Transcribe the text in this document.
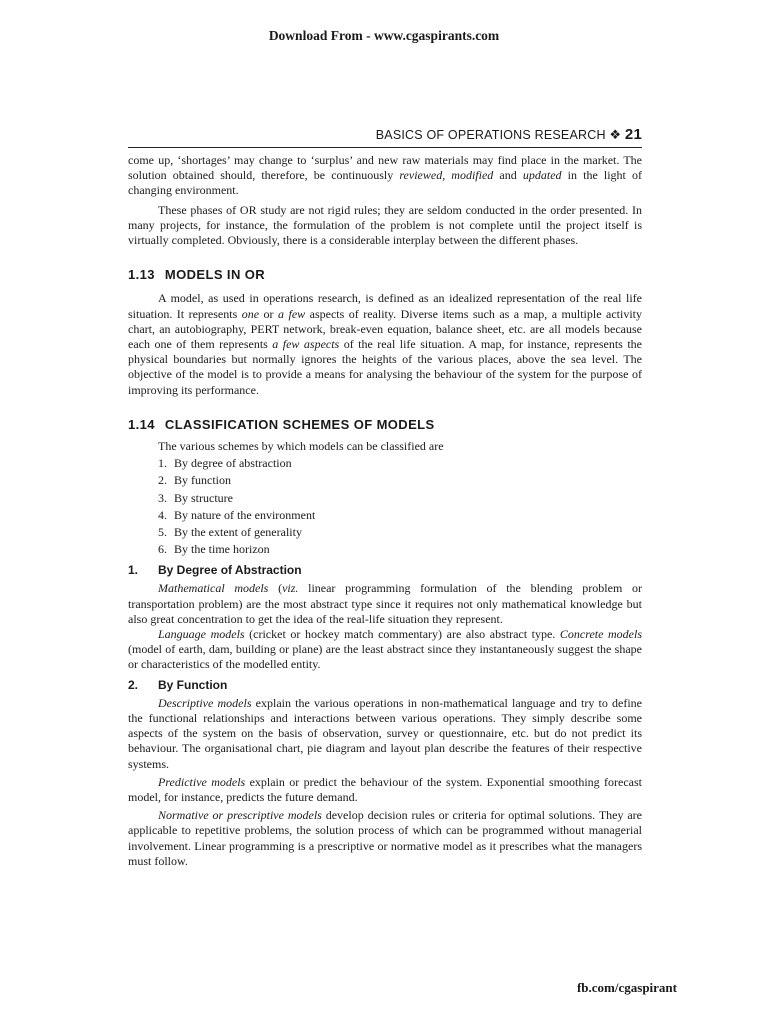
Download From - www.cgaspirants.com
BASICS OF OPERATIONS RESEARCH ❖ 21

come up, ‘shortages’ may change to ‘surplus’ and new raw materials may find place in the market. The solution obtained should, therefore, be continuously reviewed, modified and updated in the light of changing environment.

These phases of OR study are not rigid rules; they are seldom conducted in the order presented. In many projects, for instance, the formulation of the problem is not complete until the project itself is virtually completed. Obviously, there is a considerable interplay between the different phases.

1.13 MODELS IN OR

A model, as used in operations research, is defined as an idealized representation of the real life situation. It represents one or a few aspects of reality. Diverse items such as a map, a multiple activity chart, an autobiography, PERT network, break-even equation, balance sheet, etc. are all models because each one of them represents a few aspects of the real life situation. A map, for instance, represents the physical boundaries but normally ignores the heights of the various places, above the sea level. The objective of the model is to provide a means for analysing the behaviour of the system for the purpose of improving its performance.

1.14 CLASSIFICATION SCHEMES OF MODELS

The various schemes by which models can be classified are

1. By degree of abstraction
2. By function
3. By structure
4. By nature of the environment
5. By the extent of generality
6. By the time horizon
1. By Degree of Abstraction

Mathematical models (viz. linear programming formulation of the blending problem or transportation problem) are the most abstract type since it requires not only mathematical knowledge but also great concentration to get the idea of the real-life situation they represent.

Language models (cricket or hockey match commentary) are also abstract type. Concrete models (model of earth, dam, building or plane) are the least abstract since they instantaneously suggest the shape or characteristics of the modelled entity.

2. By Function

Descriptive models explain the various operations in non-mathematical language and try to define the functional relationships and interactions between various operations. They simply describe some aspects of the system on the basis of observation, survey or questionnaire, etc. but do not predict its behaviour. The organisational chart, pie diagram and layout plan describe the features of their respective systems.

Predictive models explain or predict the behaviour of the system. Exponential smoothing forecast model, for instance, predicts the future demand.

Normative or prescriptive models develop decision rules or criteria for optimal solutions. They are applicable to repetitive problems, the solution process of which can be programmed without managerial involvement. Linear programming is a prescriptive or normative model as it prescribes what the managers must follow.

fb.com/cgaspirant
